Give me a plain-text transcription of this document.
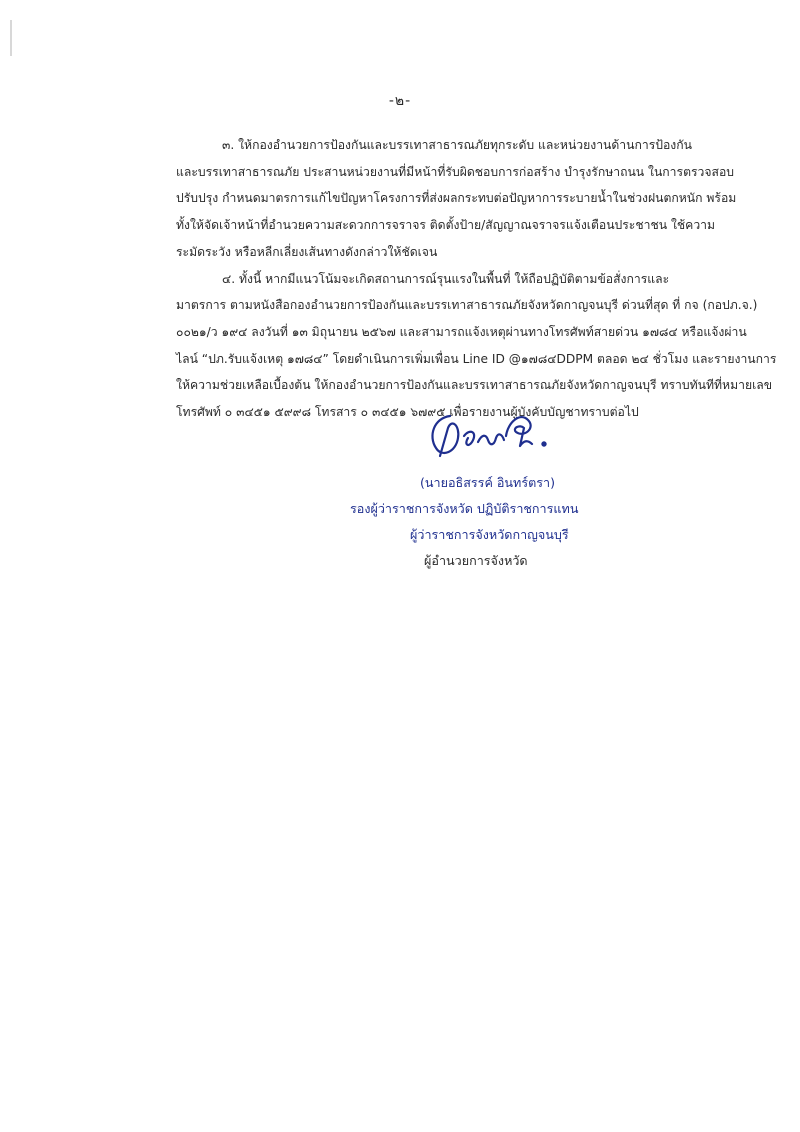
-๒-

๓. ให้กองอำนวยการป้องกันและบรรเทาสาธารณภัยทุกระดับ และหน่วยงานด้านการป้องกัน
และบรรเทาสาธารณภัย ประสานหน่วยงานที่มีหน้าที่รับผิดชอบการก่อสร้าง บำรุงรักษาถนน ในการตรวจสอบ
ปรับปรุง กำหนดมาตรการแก้ไขปัญหาโครงการที่ส่งผลกระทบต่อปัญหาการระบายน้ำในช่วงฝนตกหนัก พร้อม
ทั้งให้จัดเจ้าหน้าที่อำนวยความสะดวกการจราจร ติดตั้งป้าย/สัญญาณจราจรแจ้งเตือนประชาชน ใช้ความ
ระมัดระวัง หรือหลีกเลี่ยงเส้นทางดังกล่าวให้ชัดเจน

๔. ทั้งนี้ หากมีแนวโน้มจะเกิดสถานการณ์รุนแรงในพื้นที่ ให้ถือปฏิบัติตามข้อสั่งการและ
มาตรการ ตามหนังสือกองอำนวยการป้องกันและบรรเทาสาธารณภัยจังหวัดกาญจนบุรี ด่วนที่สุด ที่ กจ (กอปภ.จ.)
๐๐๒๑/ว ๑๙๔ ลงวันที่ ๑๓ มิถุนายน ๒๕๖๗ และสามารถแจ้งเหตุผ่านทางโทรศัพท์สายด่วน ๑๗๘๔ หรือแจ้งผ่าน
ไลน์ “ปภ.รับแจ้งเหตุ ๑๗๘๔” โดยดำเนินการเพิ่มเพื่อน Line ID @๑๗๘๔DDPM ตลอด ๒๔ ชั่วโมง และรายงานการ
ให้ความช่วยเหลือเบื้องต้น ให้กองอำนวยการป้องกันและบรรเทาสาธารณภัยจังหวัดกาญจนบุรี ทราบทันทีที่หมายเลข
โทรศัพท์ ๐ ๓๔๕๑ ๕๙๙๘ โทรสาร ๐ ๓๔๕๑ ๖๗๙๕ เพื่อรายงานผู้บังคับบัญชาทราบต่อไป

(นายอธิสรรค์ อินทร์ตรา)
รองผู้ว่าราชการจังหวัด ปฏิบัติราชการแทน
ผู้ว่าราชการจังหวัดกาญจนบุรี
ผู้อำนวยการจังหวัด
